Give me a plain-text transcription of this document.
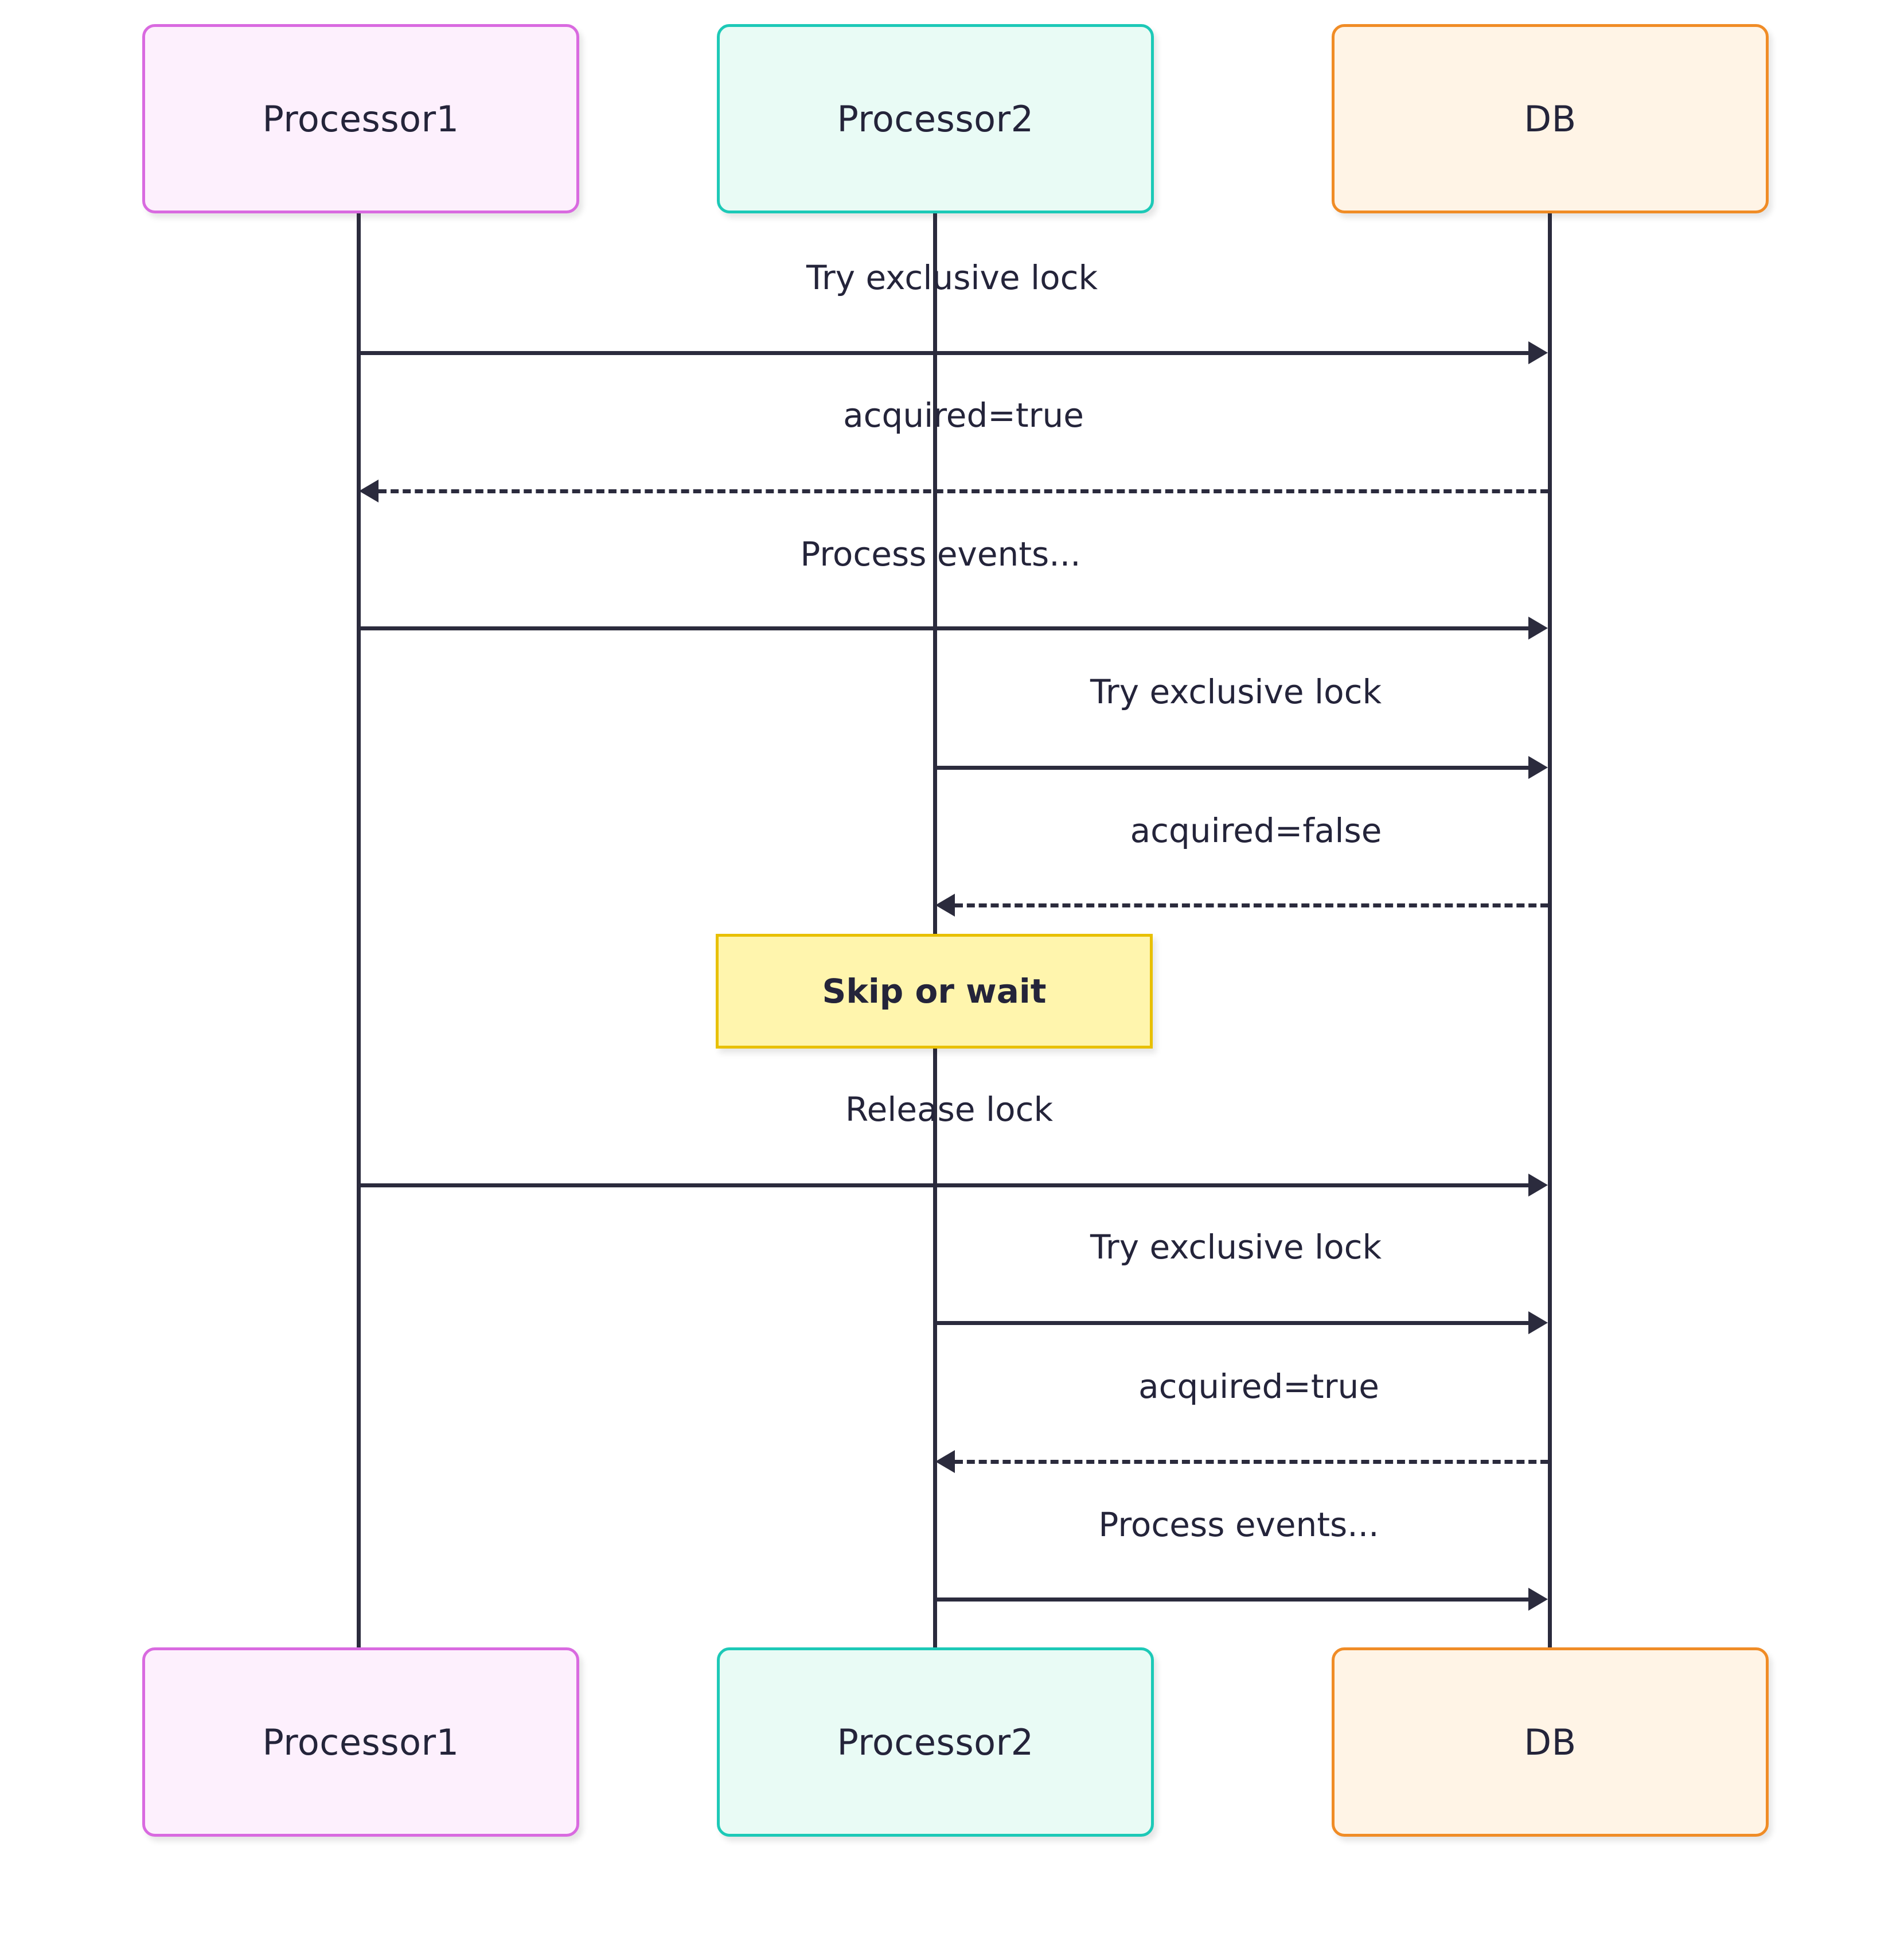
Processor1	Processor2	DB
Try exclusive lock
acquired=true
Process events...
Try exclusive lock
acquired=false
Skip or wait
Release lock
Try exclusive lock
acquired=true
Process events...
Processor1	Processor2	DB
